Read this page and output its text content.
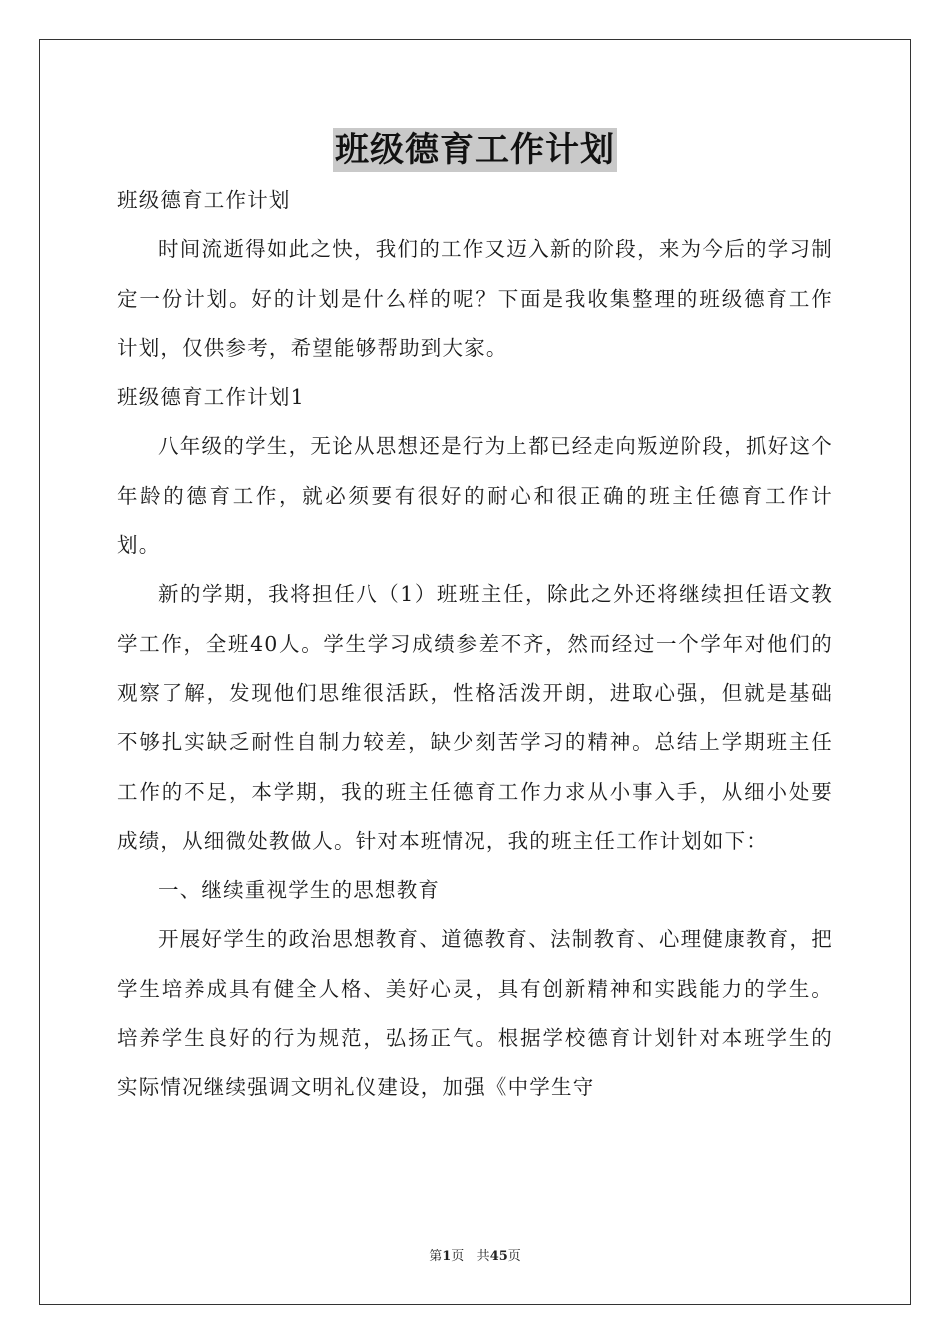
班级德育工作计划

班级德育工作计划

时间流逝得如此之快，我们的工作又迈入新的阶段，来为今后的学习制定一份计划。好的计划是什么样的呢？下面是我收集整理的班级德育工作计划，仅供参考，希望能够帮助到大家。

班级德育工作计划1

八年级的学生，无论从思想还是行为上都已经走向叛逆阶段，抓好这个年龄的德育工作，就必须要有很好的耐心和很正确的班主任德育工作计划。

新的学期，我将担任八（1）班班主任，除此之外还将继续担任语文教学工作，全班40人。学生学习成绩参差不齐，然而经过一个学年对他们的观察了解，发现他们思维很活跃，性格活泼开朗，进取心强，但就是基础不够扎实缺乏耐性自制力较差，缺少刻苦学习的精神。总结上学期班主任工作的不足，本学期，我的班主任德育工作力求从小事入手，从细小处要成绩，从细微处教做人。针对本班情况，我的班主任工作计划如下：

一、继续重视学生的思想教育

开展好学生的政治思想教育、道德教育、法制教育、心理健康教育，把学生培养成具有健全人格、美好心灵，具有创新精神和实践能力的学生。培养学生良好的行为规范，弘扬正气。根据学校德育计划针对本班学生的实际情况继续强调文明礼仪建设，加强《中学生守

第1页 共45页
